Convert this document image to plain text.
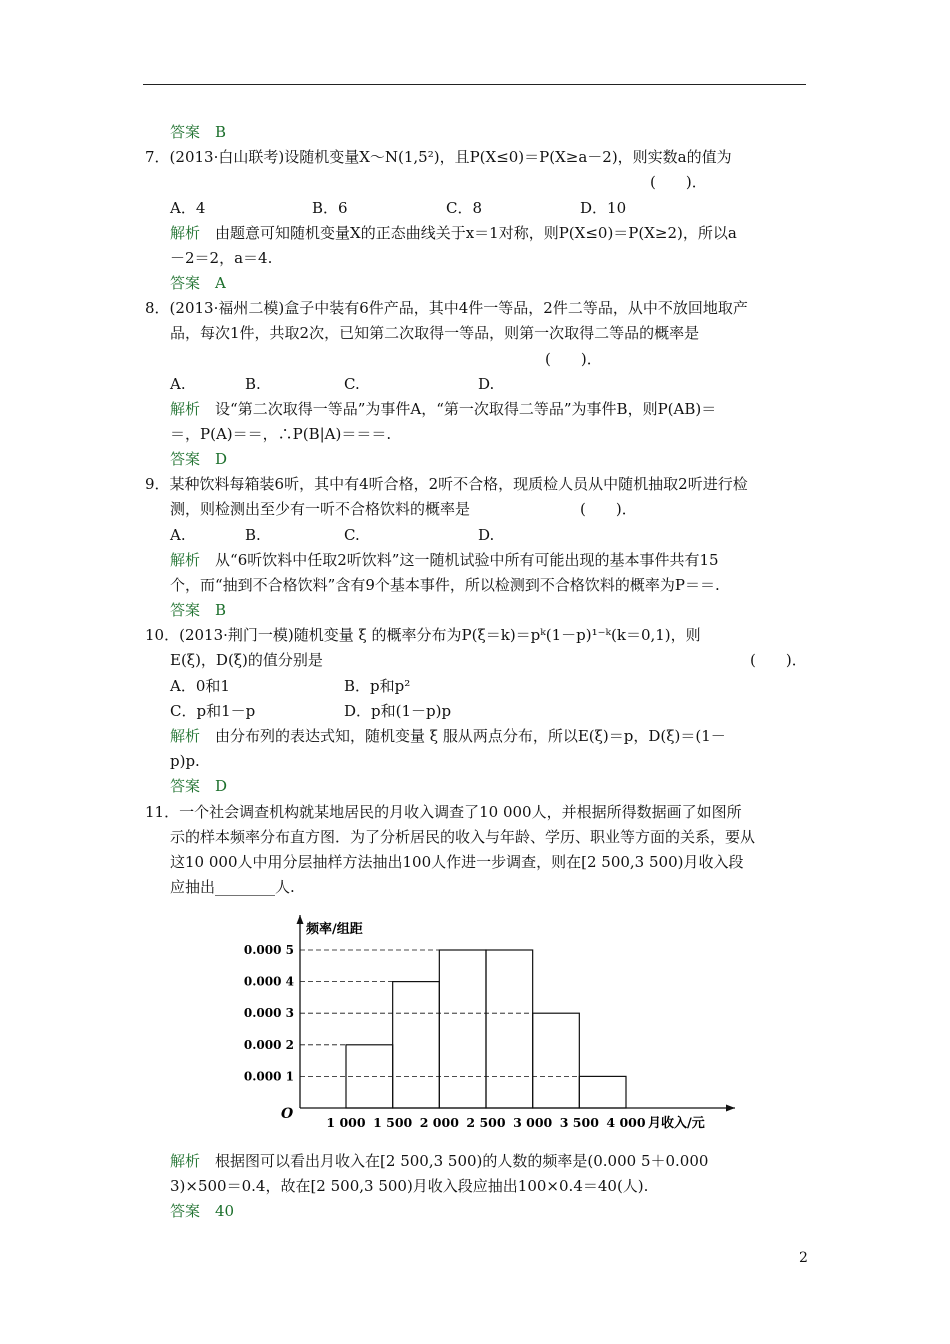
答案　B
7．(2013·白山联考)设随机变量X～N(1,5²)，且P(X≤0)＝P(X≥a－2)，则实数a的值为
(　　)．
A．4	B．6	C．8	D．10
解析　 由题意可知随机变量X的正态曲线关于x＝1对称，则P(X≤0)＝P(X≥2)，所以a
－2＝2，a＝4.
答案　A
8．(2013·福州二模)盒子中装有6件产品，其中4件一等品，2件二等品，从中不放回地取产
品，每次1件，共取2次，已知第二次取得一等品，则第一次取得二等品的概率是
(　　)．
A.	B.	C.	D.
解析　 设“第二次取得一等品”为事件A，“第一次取得二等品”为事件B，则P(AB)＝
＝，P(A)＝＝，∴P(B|A)＝＝＝.
答案　D
9．某种饮料每箱装6听，其中有4听合格，2听不合格，现质检人员从中随机抽取2听进行检
测，则检测出至少有一听不合格饮料的概率是	(　　)．
A.	B.	C.	D.
解析　 从“6听饮料中任取2听饮料”这一随机试验中所有可能出现的基本事件共有15
个，而“抽到不合格饮料”含有9个基本事件，所以检测到不合格饮料的概率为P＝＝.
答案　B
10．(2013·荆门一模)随机变量 ξ 的概率分布为P(ξ＝k)＝pᵏ(1－p)¹⁻ᵏ(k＝0,1)，则
E(ξ)，D(ξ)的值分别是	(　　)．
A．0和1	B．p和p²
C．p和1－p	D．p和(1－p)p
解析　 由分布列的表达式知，随机变量 ξ 服从两点分布，所以E(ξ)＝p，D(ξ)＝(1－
p)p.
答案　D
11．一个社会调查机构就某地居民的月收入调查了10 000人，并根据所得数据画了如图所
示的样本频率分布直方图．为了分析居民的收入与年龄、学历、职业等方面的关系，要从
这10 000人中用分层抽样方法抽出100人作进一步调查，则在[2 500,3 500)月收入段
应抽出________人.
频率/组距
月收入/元
O
0.000 1
0.000 2
0.000 3
0.000 4
0.000 5
1 000 1 500 2 000 2 500 3 000 3 500 4 000
解析　 根据图可以看出月收入在[2 500,3 500)的人数的频率是(0.000 5＋0.000
3)×500＝0.4，故在[2 500,3 500)月收入段应抽出100×0.4＝40(人).
答案　40
2
